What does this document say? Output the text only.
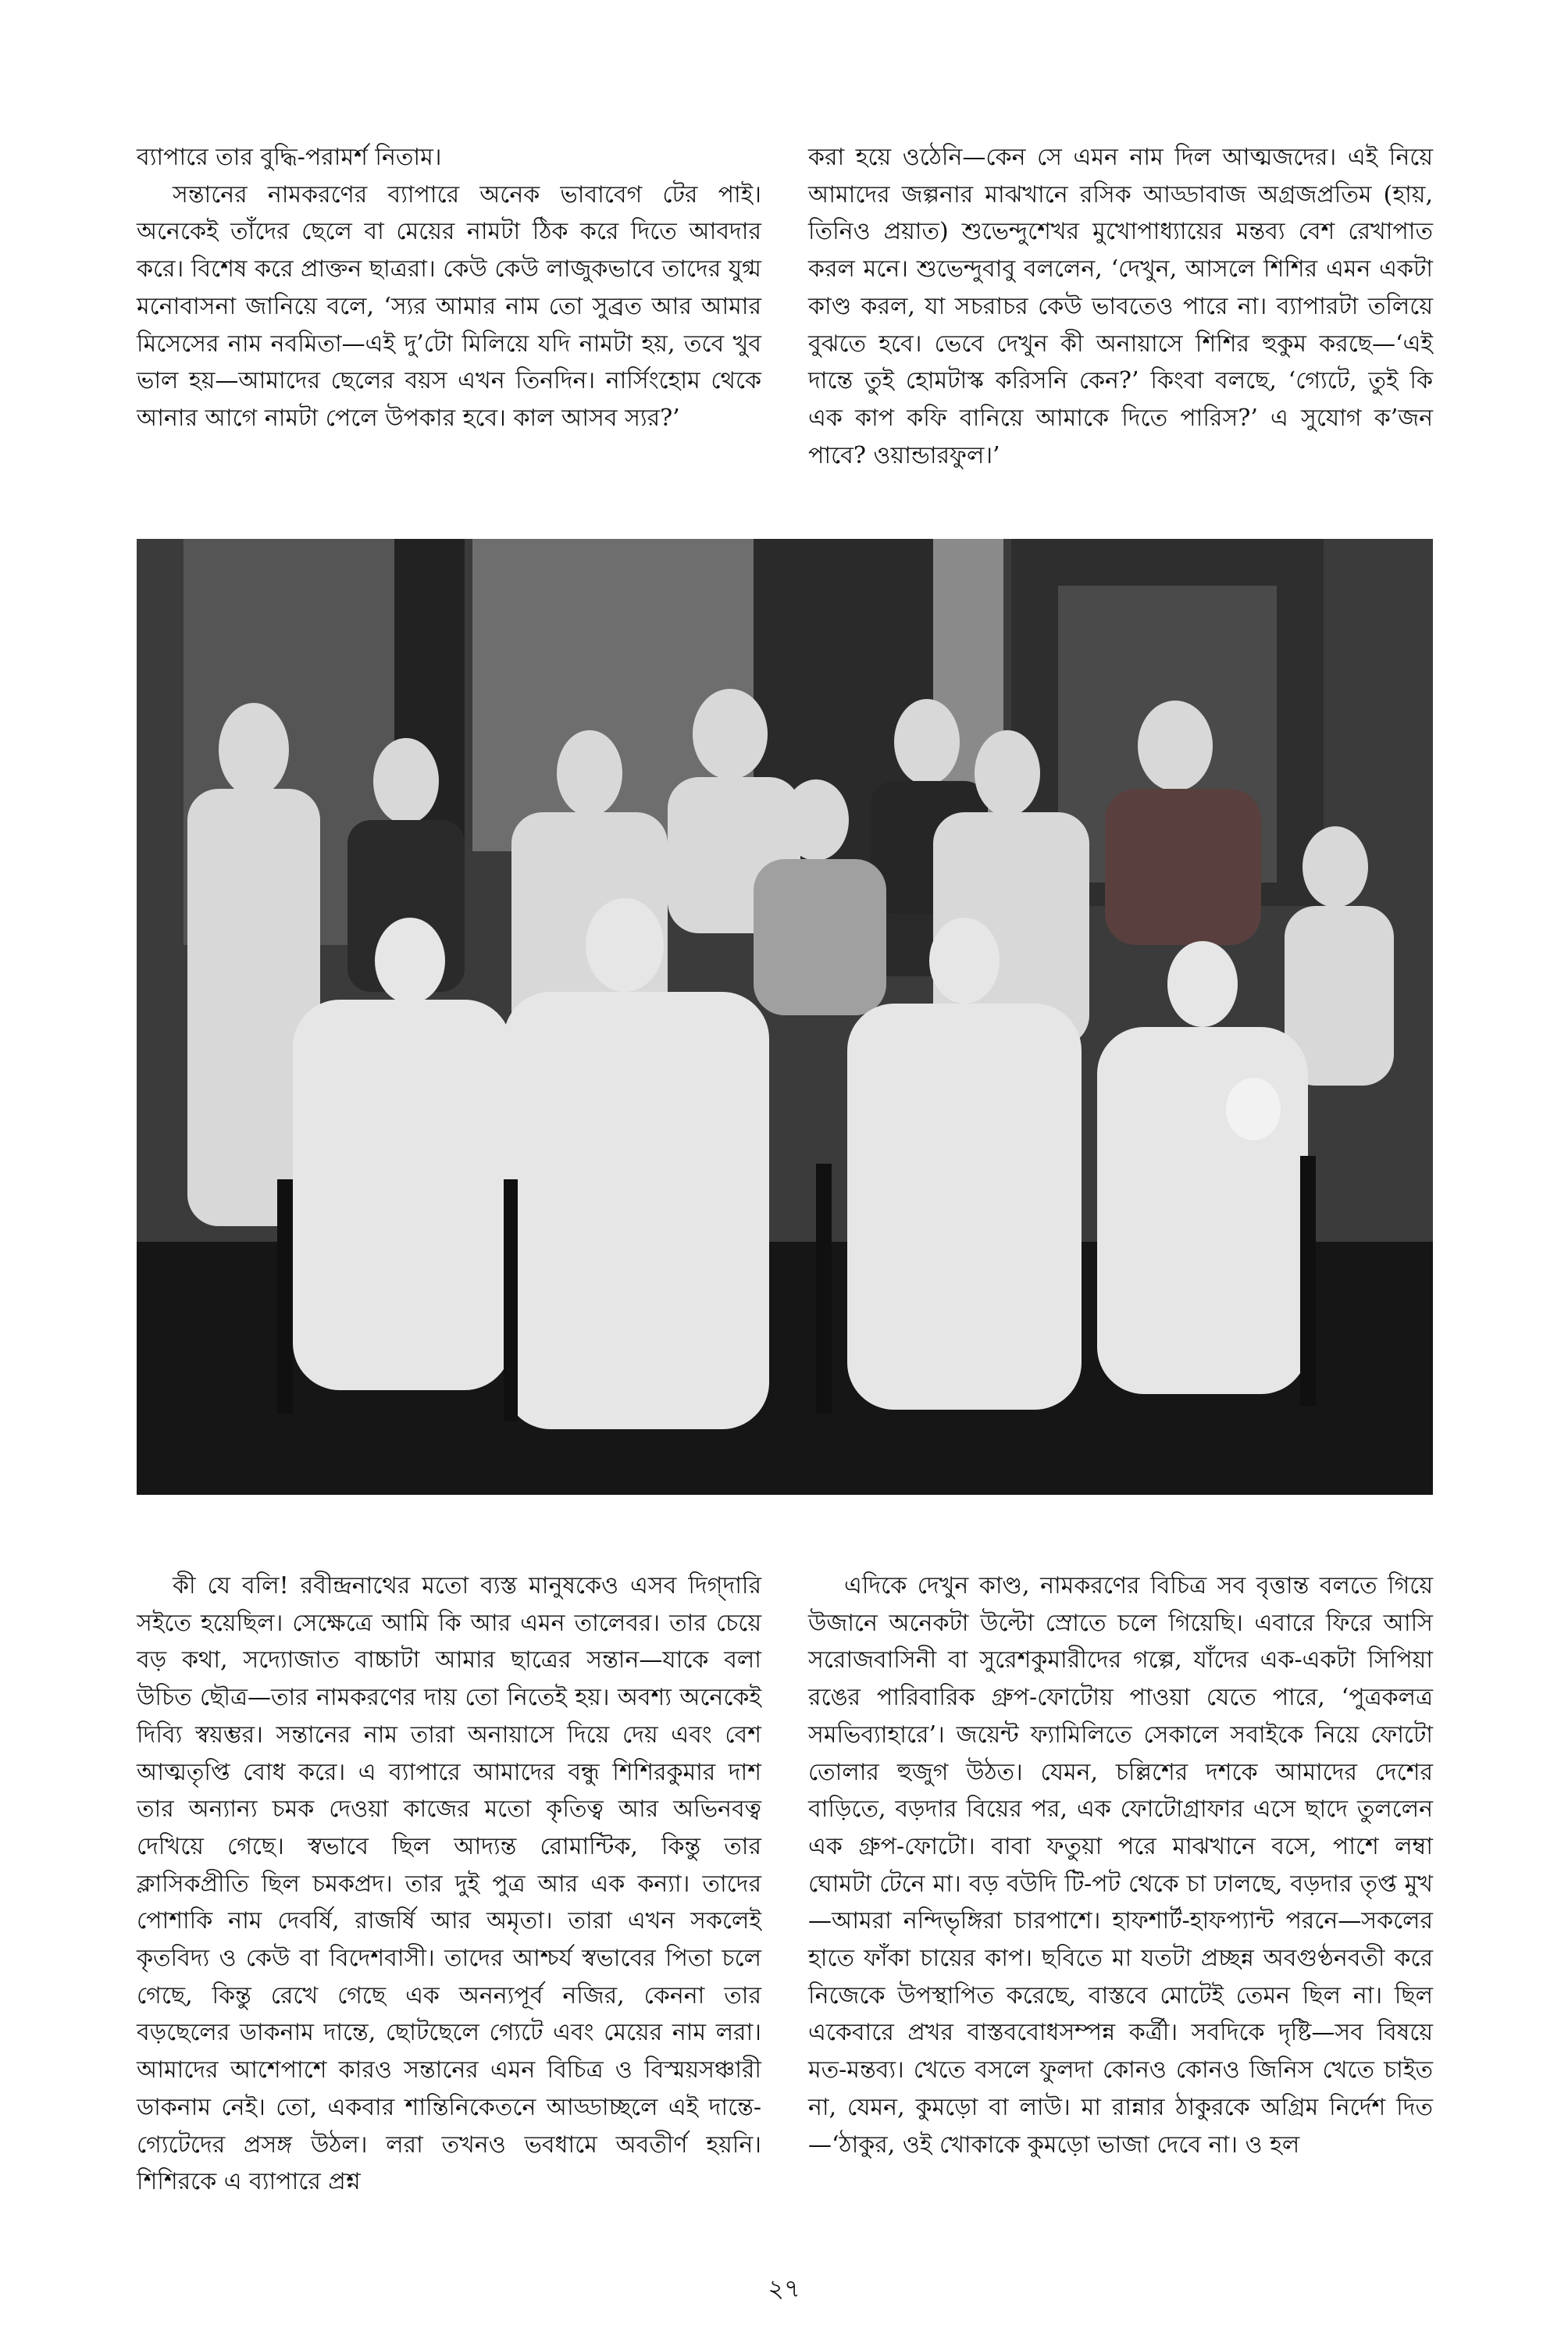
ব্যাপারে তার বুদ্ধি-পরামর্শ নিতাম।

সন্তানের নামকরণের ব্যাপারে অনেক ভাবাবেগ টের পাই। অনেকেই তাঁদের ছেলে বা মেয়ের নামটা ঠিক করে দিতে আবদার করে। বিশেষ করে প্রাক্তন ছাত্ররা। কেউ কেউ লাজুকভাবে তাদের যুগ্ম মনোবাসনা জানিয়ে বলে, ‘স্যর আমার নাম তো সুব্রত আর আমার মিসেসের নাম নবমিতা—এই দু’টো মিলিয়ে যদি নামটা হয়, তবে খুব ভাল হয়—আমাদের ছেলের বয়স এখন তিনদিন। নার্সিংহোম থেকে আনার আগে নামটা পেলে উপকার হবে। কাল আসব স্যর?’

করা হয়ে ওঠেনি—কেন সে এমন নাম দিল আত্মজদের। এই নিয়ে আমাদের জল্পনার মাঝখানে রসিক আড্ডাবাজ অগ্রজপ্রতিম (হায়, তিনিও প্রয়াত) শুভেন্দুশেখর মুখোপাধ্যায়ের মন্তব্য বেশ রেখাপাত করল মনে। শুভেন্দুবাবু বললেন, ‘দেখুন, আসলে শিশির এমন একটা কাণ্ড করল, যা সচরাচর কেউ ভাবতেও পারে না। ব্যাপারটা তলিয়ে বুঝতে হবে। ভেবে দেখুন কী অনায়াসে শিশির হুকুম করছে—‘এই দান্তে তুই হোমটাস্ক করিসনি কেন?’ কিংবা বলছে, ‘গ্যেটে, তুই কি এক কাপ কফি বানিয়ে আমাকে দিতে পারিস?’ এ সুযোগ ক’জন পাবে? ওয়ান্ডারফুল।’

কী যে বলি! রবীন্দ্রনাথের মতো ব্যস্ত মানুষকেও এসব দিগ্‌দারি সইতে হয়েছিল। সেক্ষেত্রে আমি কি আর এমন তালেবর। তার চেয়ে বড় কথা, সদ্যোজাত বাচ্চাটা আমার ছাত্রের সন্তান—যাকে বলা উচিত ছৌত্র—তার নামকরণের দায় তো নিতেই হয়। অবশ্য অনেকেই দিব্যি স্বয়ম্ভর। সন্তানের নাম তারা অনায়াসে দিয়ে দেয় এবং বেশ আত্মতৃপ্তি বোধ করে। এ ব্যাপারে আমাদের বন্ধু শিশিরকুমার দাশ তার অন্যান্য চমক দেওয়া কাজের মতো কৃতিত্ব আর অভিনবত্ব দেখিয়ে গেছে। স্বভাবে ছিল আদ্যন্ত রোমান্টিক, কিন্তু তার ক্লাসিকপ্রীতি ছিল চমকপ্রদ। তার দুই পুত্র আর এক কন্যা। তাদের পোশাকি নাম দেবর্ষি, রাজর্ষি আর অমৃতা। তারা এখন সকলেই কৃতবিদ্য ও কেউ বা বিদেশবাসী। তাদের আশ্চর্য স্বভাবের পিতা চলে গেছে, কিন্তু রেখে গেছে এক অনন্যপূর্ব নজির, কেননা তার বড়ছেলের ডাকনাম দান্তে, ছোটছেলে গ্যেটে এবং মেয়ের নাম লরা। আমাদের আশেপাশে কারও সন্তানের এমন বিচিত্র ও বিস্ময়সঞ্চারী ডাকনাম নেই। তো, একবার শান্তিনিকেতনে আড্ডাচ্ছলে এই দান্তে-গ্যেটেদের প্রসঙ্গ উঠল। লরা তখনও ভবধামে অবতীর্ণ হয়নি। শিশিরকে এ ব্যাপারে প্রশ্ন

এদিকে দেখুন কাণ্ড, নামকরণের বিচিত্র সব বৃত্তান্ত বলতে গিয়ে উজানে অনেকটা উল্টো স্রোতে চলে গিয়েছি। এবারে ফিরে আসি সরোজবাসিনী বা সুরেশকুমারীদের গল্পে, যাঁদের এক-একটা সিপিয়া রঙের পারিবারিক গ্রুপ-ফোটোয় পাওয়া যেতে পারে, ‘পুত্রকলত্র সমভিব্যাহারে’। জয়েন্ট ফ্যামিলিতে সেকালে সবাইকে নিয়ে ফোটো তোলার হুজুগ উঠত। যেমন, চল্লিশের দশকে আমাদের দেশের বাড়িতে, বড়দার বিয়ের পর, এক ফোটোগ্রাফার এসে ছাদে তুললেন এক গ্রুপ-ফোটো। বাবা ফতুয়া পরে মাঝখানে বসে, পাশে লম্বা ঘোমটা টেনে মা। বড় বউদি টি-পট থেকে চা ঢালছে, বড়দার তৃপ্ত মুখ—আমরা নন্দিভৃঙ্গিরা চারপাশে। হাফশার্ট-হাফপ্যান্ট পরনে—সকলের হাতে ফাঁকা চায়ের কাপ। ছবিতে মা যতটা প্রচ্ছন্ন অবগুণ্ঠনবতী করে নিজেকে উপস্থাপিত করেছে, বাস্তবে মোটেই তেমন ছিল না। ছিল একেবারে প্রখর বাস্তববোধসম্পন্ন কর্ত্রী। সবদিকে দৃষ্টি—সব বিষয়ে মত-মন্তব্য। খেতে বসলে ফুলদা কোনও কোনও জিনিস খেতে চাইত না, যেমন, কুমড়ো বা লাউ। মা রান্নার ঠাকুরকে অগ্রিম নির্দেশ দিত—‘ঠাকুর, ওই খোকাকে কুমড়ো ভাজা দেবে না। ও হল

২৭
